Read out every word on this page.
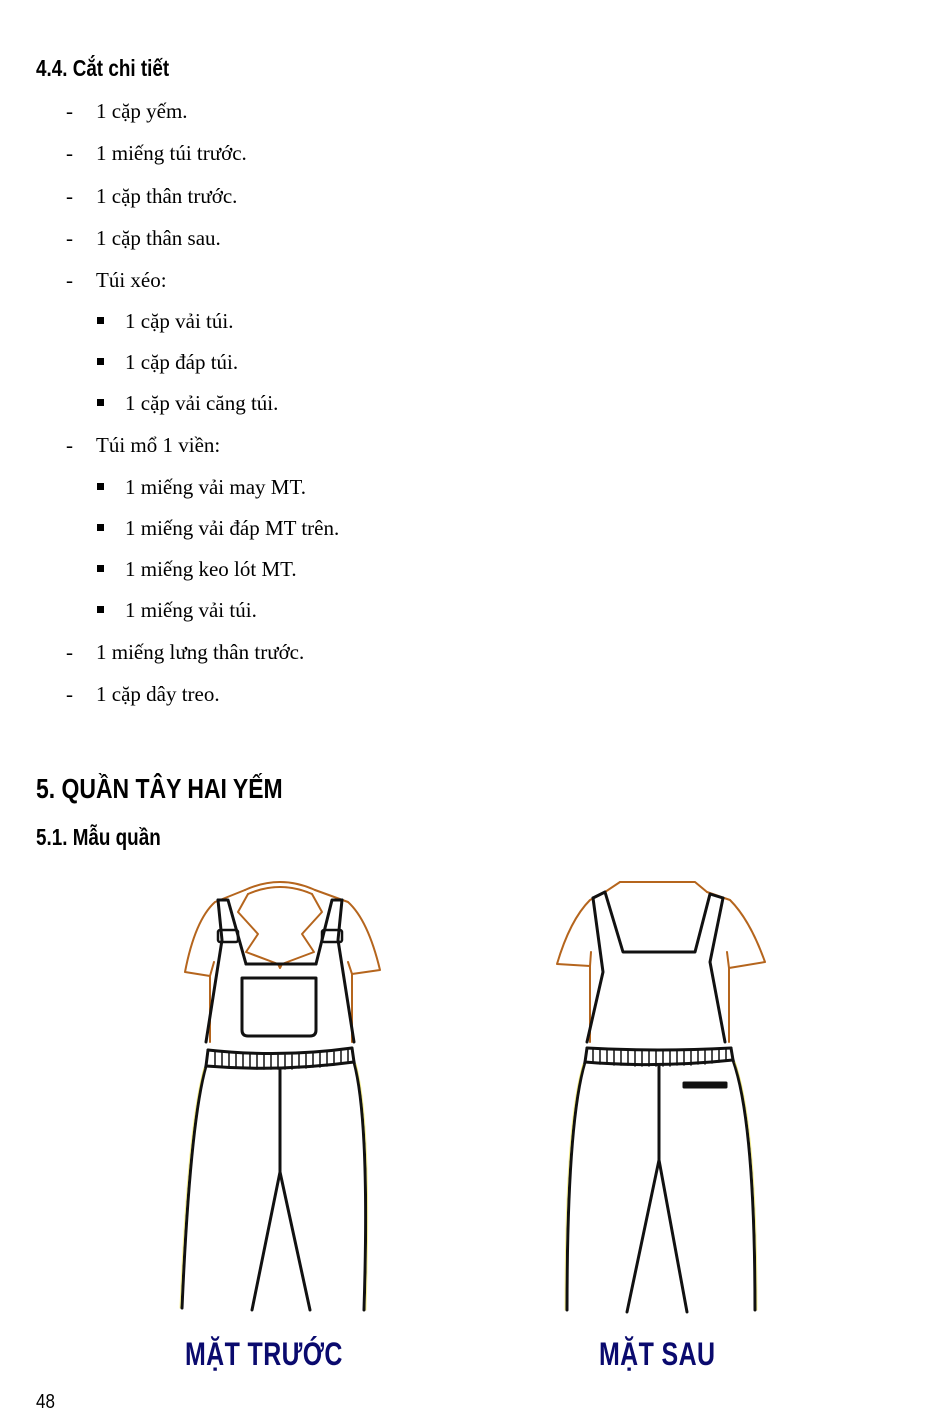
4.4. Cắt chi tiết
- 1 cặp yếm.
- 1 miếng túi trước.
- 1 cặp thân trước.
- 1 cặp thân sau.
- Túi xéo:
1 cặp vải túi.
1 cặp đáp túi.
1 cặp vải căng túi.
- Túi mổ 1 viền:
1 miếng vải may MT.
1 miếng vải đáp MT trên.
1 miếng keo lót MT.
1 miếng vải túi.
- 1 miếng lưng thân trước.
- 1 cặp dây treo.
5. QUẦN TÂY HAI YẾM
5.1. Mẫu quần
MẶT TRƯỚC	MẶT SAU
48
